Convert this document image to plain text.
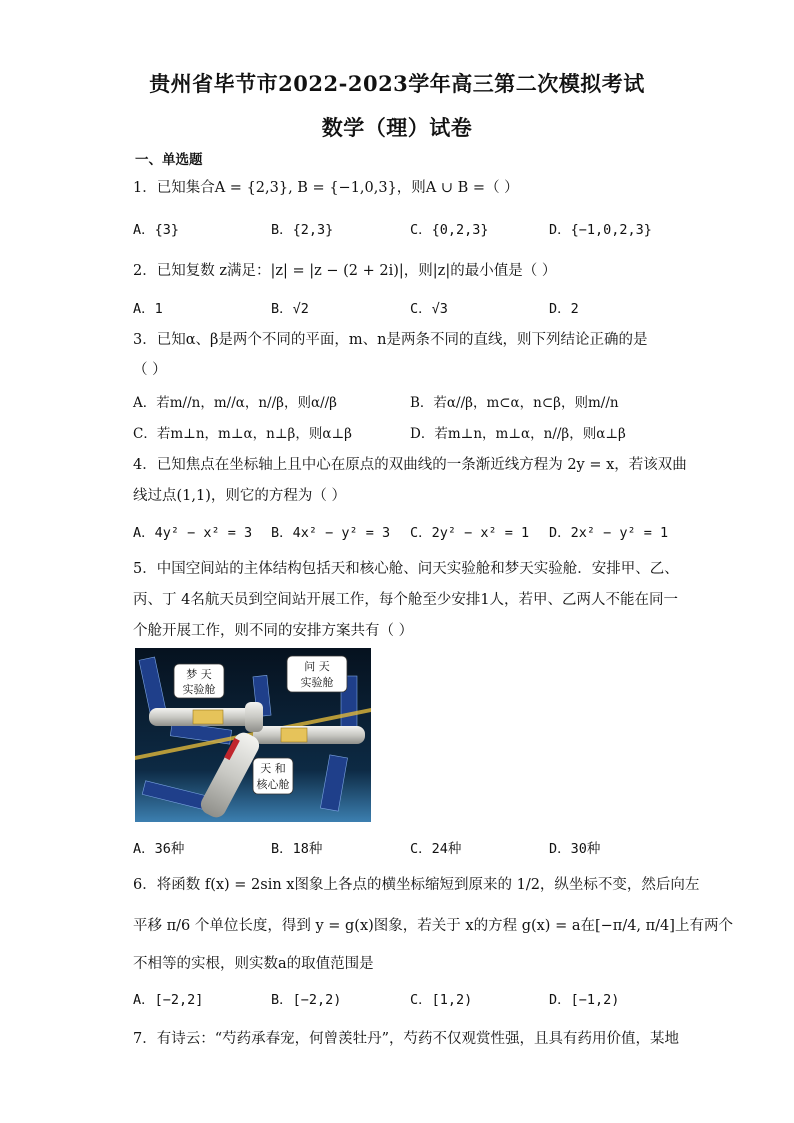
贵州省毕节市2022-2023学年高三第二次模拟考试
数学（理）试卷
一、单选题
1．已知集合A = {2,3}, B = {−1,0,3}，则A ∪ B =（ ）
A．{3}	B．{2,3}	C．{0,2,3}	D．{−1,0,2,3}
2．已知复数 z满足：|z| = |z − (2 + 2i)|，则|z|的最小值是（ ）
A．1	B．√2	C．√3	D．2
3．已知α、β是两个不同的平面，m、n是两条不同的直线，则下列结论正确的是
（ ）
A．若m//n，m//α，n//β，则α//β	B．若α//β，m⊂α，n⊂β，则m//n
C．若m⊥n，m⊥α，n⊥β，则α⊥β	D．若m⊥n，m⊥α，n//β，则α⊥β
4．已知焦点在坐标轴上且中心在原点的双曲线的一条渐近线方程为 2y = x，若该双曲
线过点(1,1)，则它的方程为（ ）
A．4y² − x² = 3 B．4x² − y² = 3 C．2y² − x² = 1 D．2x² − y² = 1
5．中国空间站的主体结构包括天和核心舱、问天实验舱和梦天实验舱．安排甲、乙、
丙、丁 4名航天员到空间站开展工作，每个舱至少安排1人，若甲、乙两人不能在同一
个舱开展工作，则不同的安排方案共有（ ）
梦 天
实验舱
问 天
实验舱
天 和
核心舱
A．36种	B．18种	C．24种	D．30种
6．将函数 f(x) = 2sin x图象上各点的横坐标缩短到原来的 1/2，纵坐标不变，然后向左
平移 π/6 个单位长度，得到 y = g(x)图象，若关于 x的方程 g(x) = a在[−π/4, π/4]上有两个
不相等的实根，则实数a的取值范围是
A．[−2,2]	B．[−2,2)	C．[1,2)	D．[−1,2)
7．有诗云：“芍药承春宠，何曾羡牡丹”，芍药不仅观赏性强，且具有药用价值，某地
